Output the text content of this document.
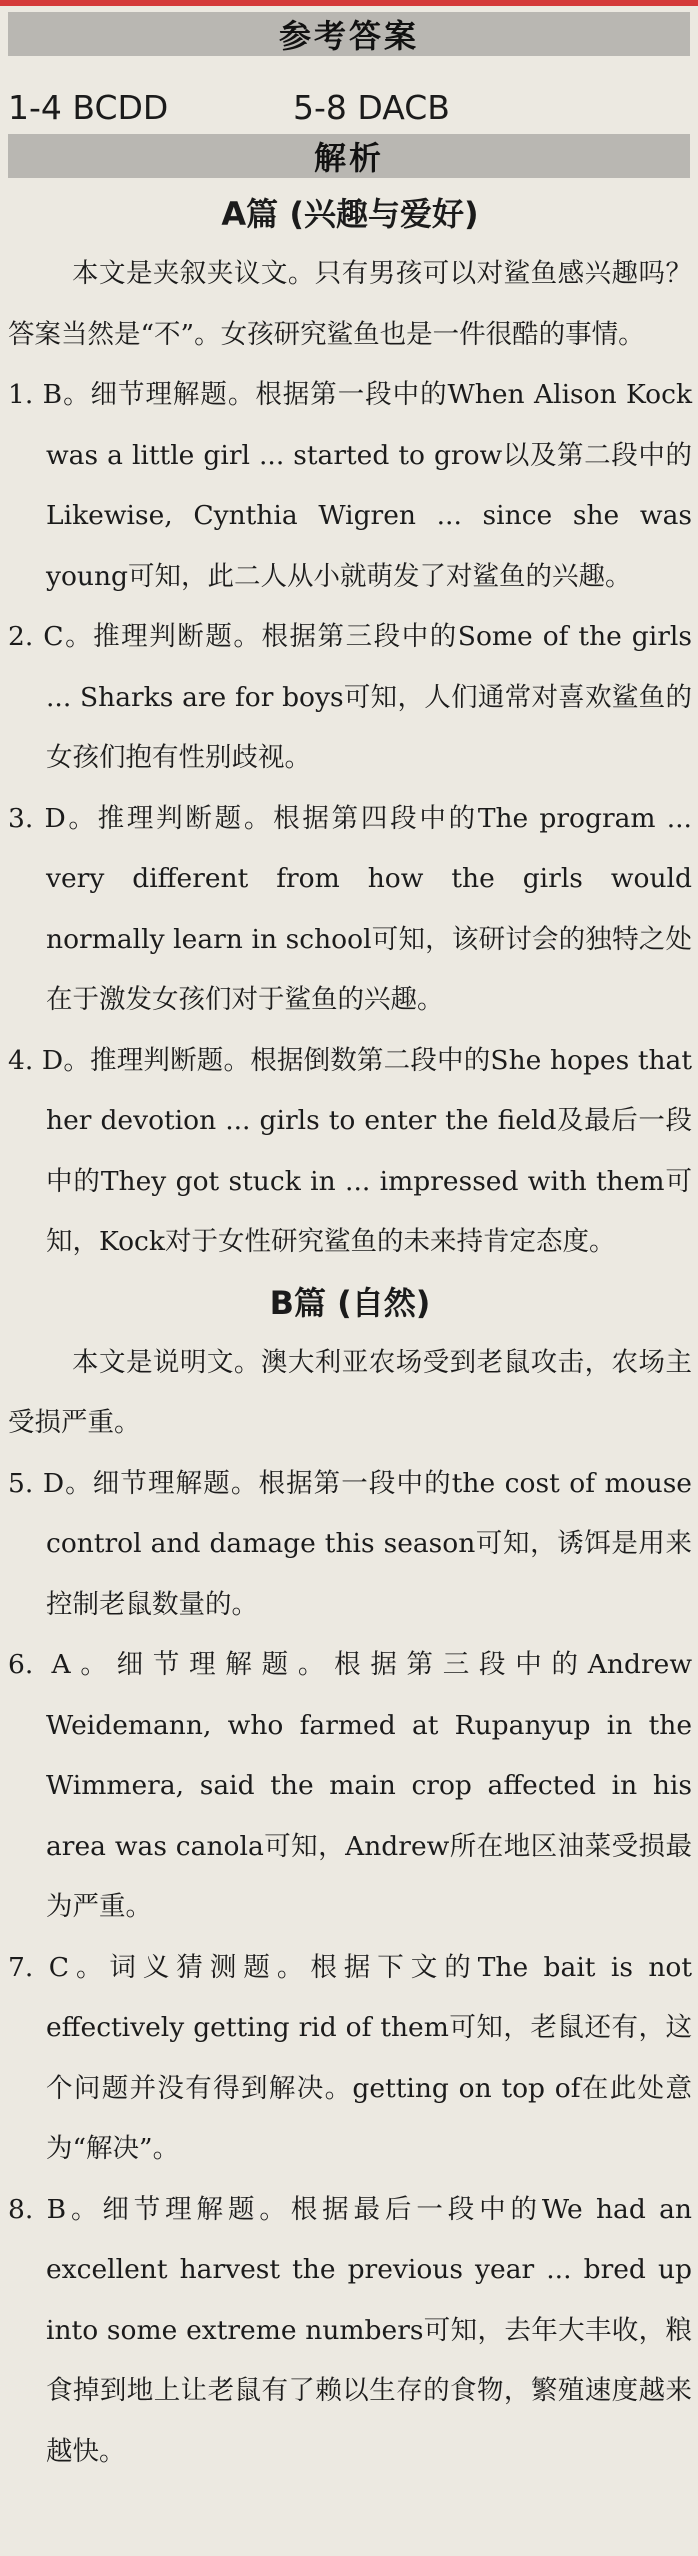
参考答案
1-4 BCDD	5-8 DACB
解析
A篇 (兴趣与爱好)
本文是夹叙夹议文。只有男孩可以对鲨鱼感兴趣吗？答案当然是“不”。女孩研究鲨鱼也是一件很酷的事情。
1. B。细节理解题。根据第一段中的When Alison Kock was a little girl ... started to grow以及第二段中的Likewise, Cynthia Wigren ... since she was young可知，此二人从小就萌发了对鲨鱼的兴趣。
2. C。推理判断题。根据第三段中的Some of the girls ... Sharks are for boys可知，人们通常对喜欢鲨鱼的女孩们抱有性别歧视。
3. D。推理判断题。根据第四段中的The program ... very different from how the girls would normally learn in school可知，该研讨会的独特之处在于激发女孩们对于鲨鱼的兴趣。
4. D。推理判断题。根据倒数第二段中的She hopes that her devotion ... girls to enter the field及最后一段中的They got stuck in ... impressed with them可知，Kock对于女性研究鲨鱼的未来持肯定态度。
B篇 (自然)
本文是说明文。澳大利亚农场受到老鼠攻击，农场主受损严重。
5. D。细节理解题。根据第一段中的the cost of mouse control and damage this season可知，诱饵是用来控制老鼠数量的。
6. A。细节理解题。根据第三段中的Andrew Weidemann, who farmed at Rupanyup in the Wimmera, said the main crop affected in his area was canola可知，Andrew所在地区油菜受损最为严重。
7. C。词义猜测题。根据下文的The bait is not effectively getting rid of them可知，老鼠还有，这个问题并没有得到解决。getting on top of在此处意为“解决”。
8. B。细节理解题。根据最后一段中的We had an excellent harvest the previous year ... bred up into some extreme numbers可知，去年大丰收，粮食掉到地上让老鼠有了赖以生存的食物，繁殖速度越来越快。
